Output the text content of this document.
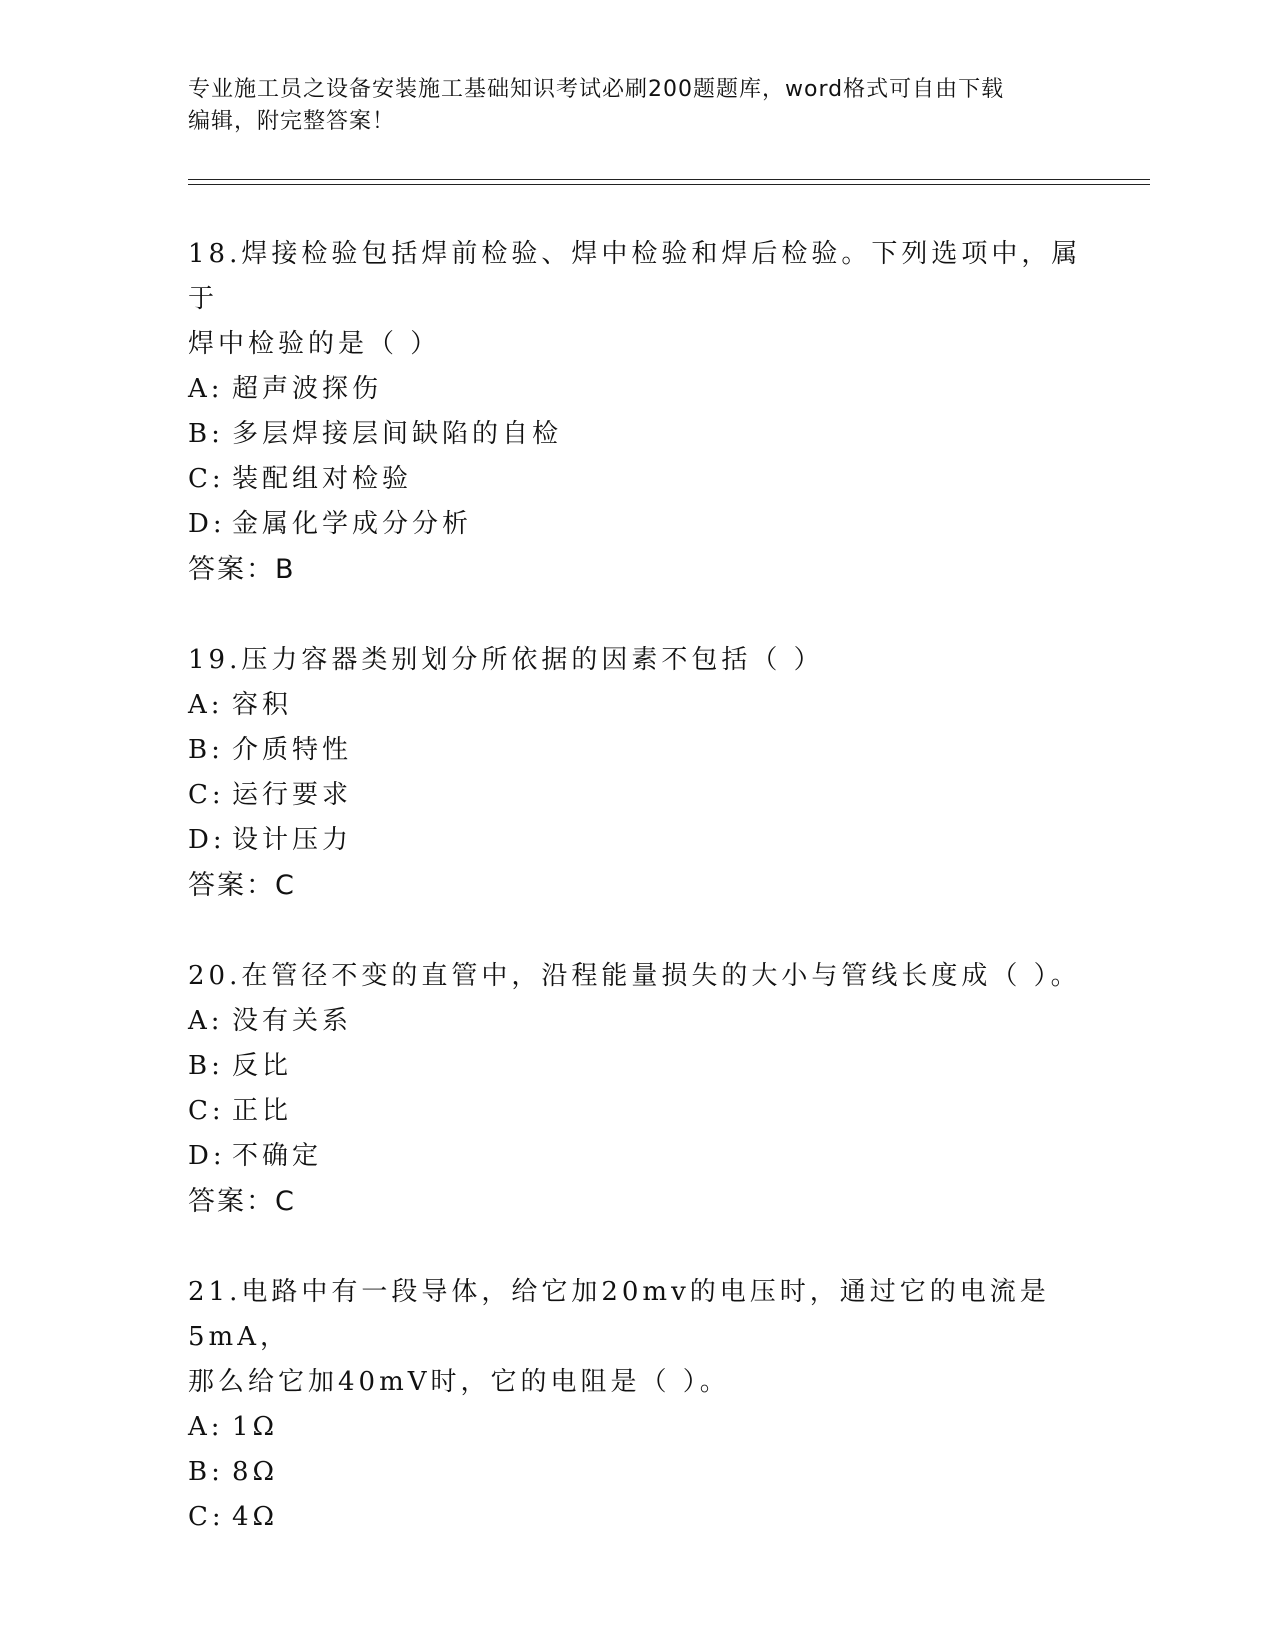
专业施工员之设备安装施工基础知识考试必刷200题题库，word格式可自由下载
编辑，附完整答案！
18.焊接检验包括焊前检验、焊中检验和焊后检验。下列选项中，属于
焊中检验的是（ ）
A: 超声波探伤
B: 多层焊接层间缺陷的自检
C: 装配组对检验
D: 金属化学成分分析
答案：B
19.压力容器类别划分所依据的因素不包括（ ）
A: 容积
B: 介质特性
C: 运行要求
D: 设计压力
答案：C
20.在管径不变的直管中，沿程能量损失的大小与管线长度成（ ）。
A: 没有关系
B: 反比
C: 正比
D: 不确定
答案：C
21.电路中有一段导体，给它加20mv的电压时，通过它的电流是5mA，
那么给它加40mV时，它的电阻是（ ）。
A: 1Ω
B: 8Ω
C: 4Ω
